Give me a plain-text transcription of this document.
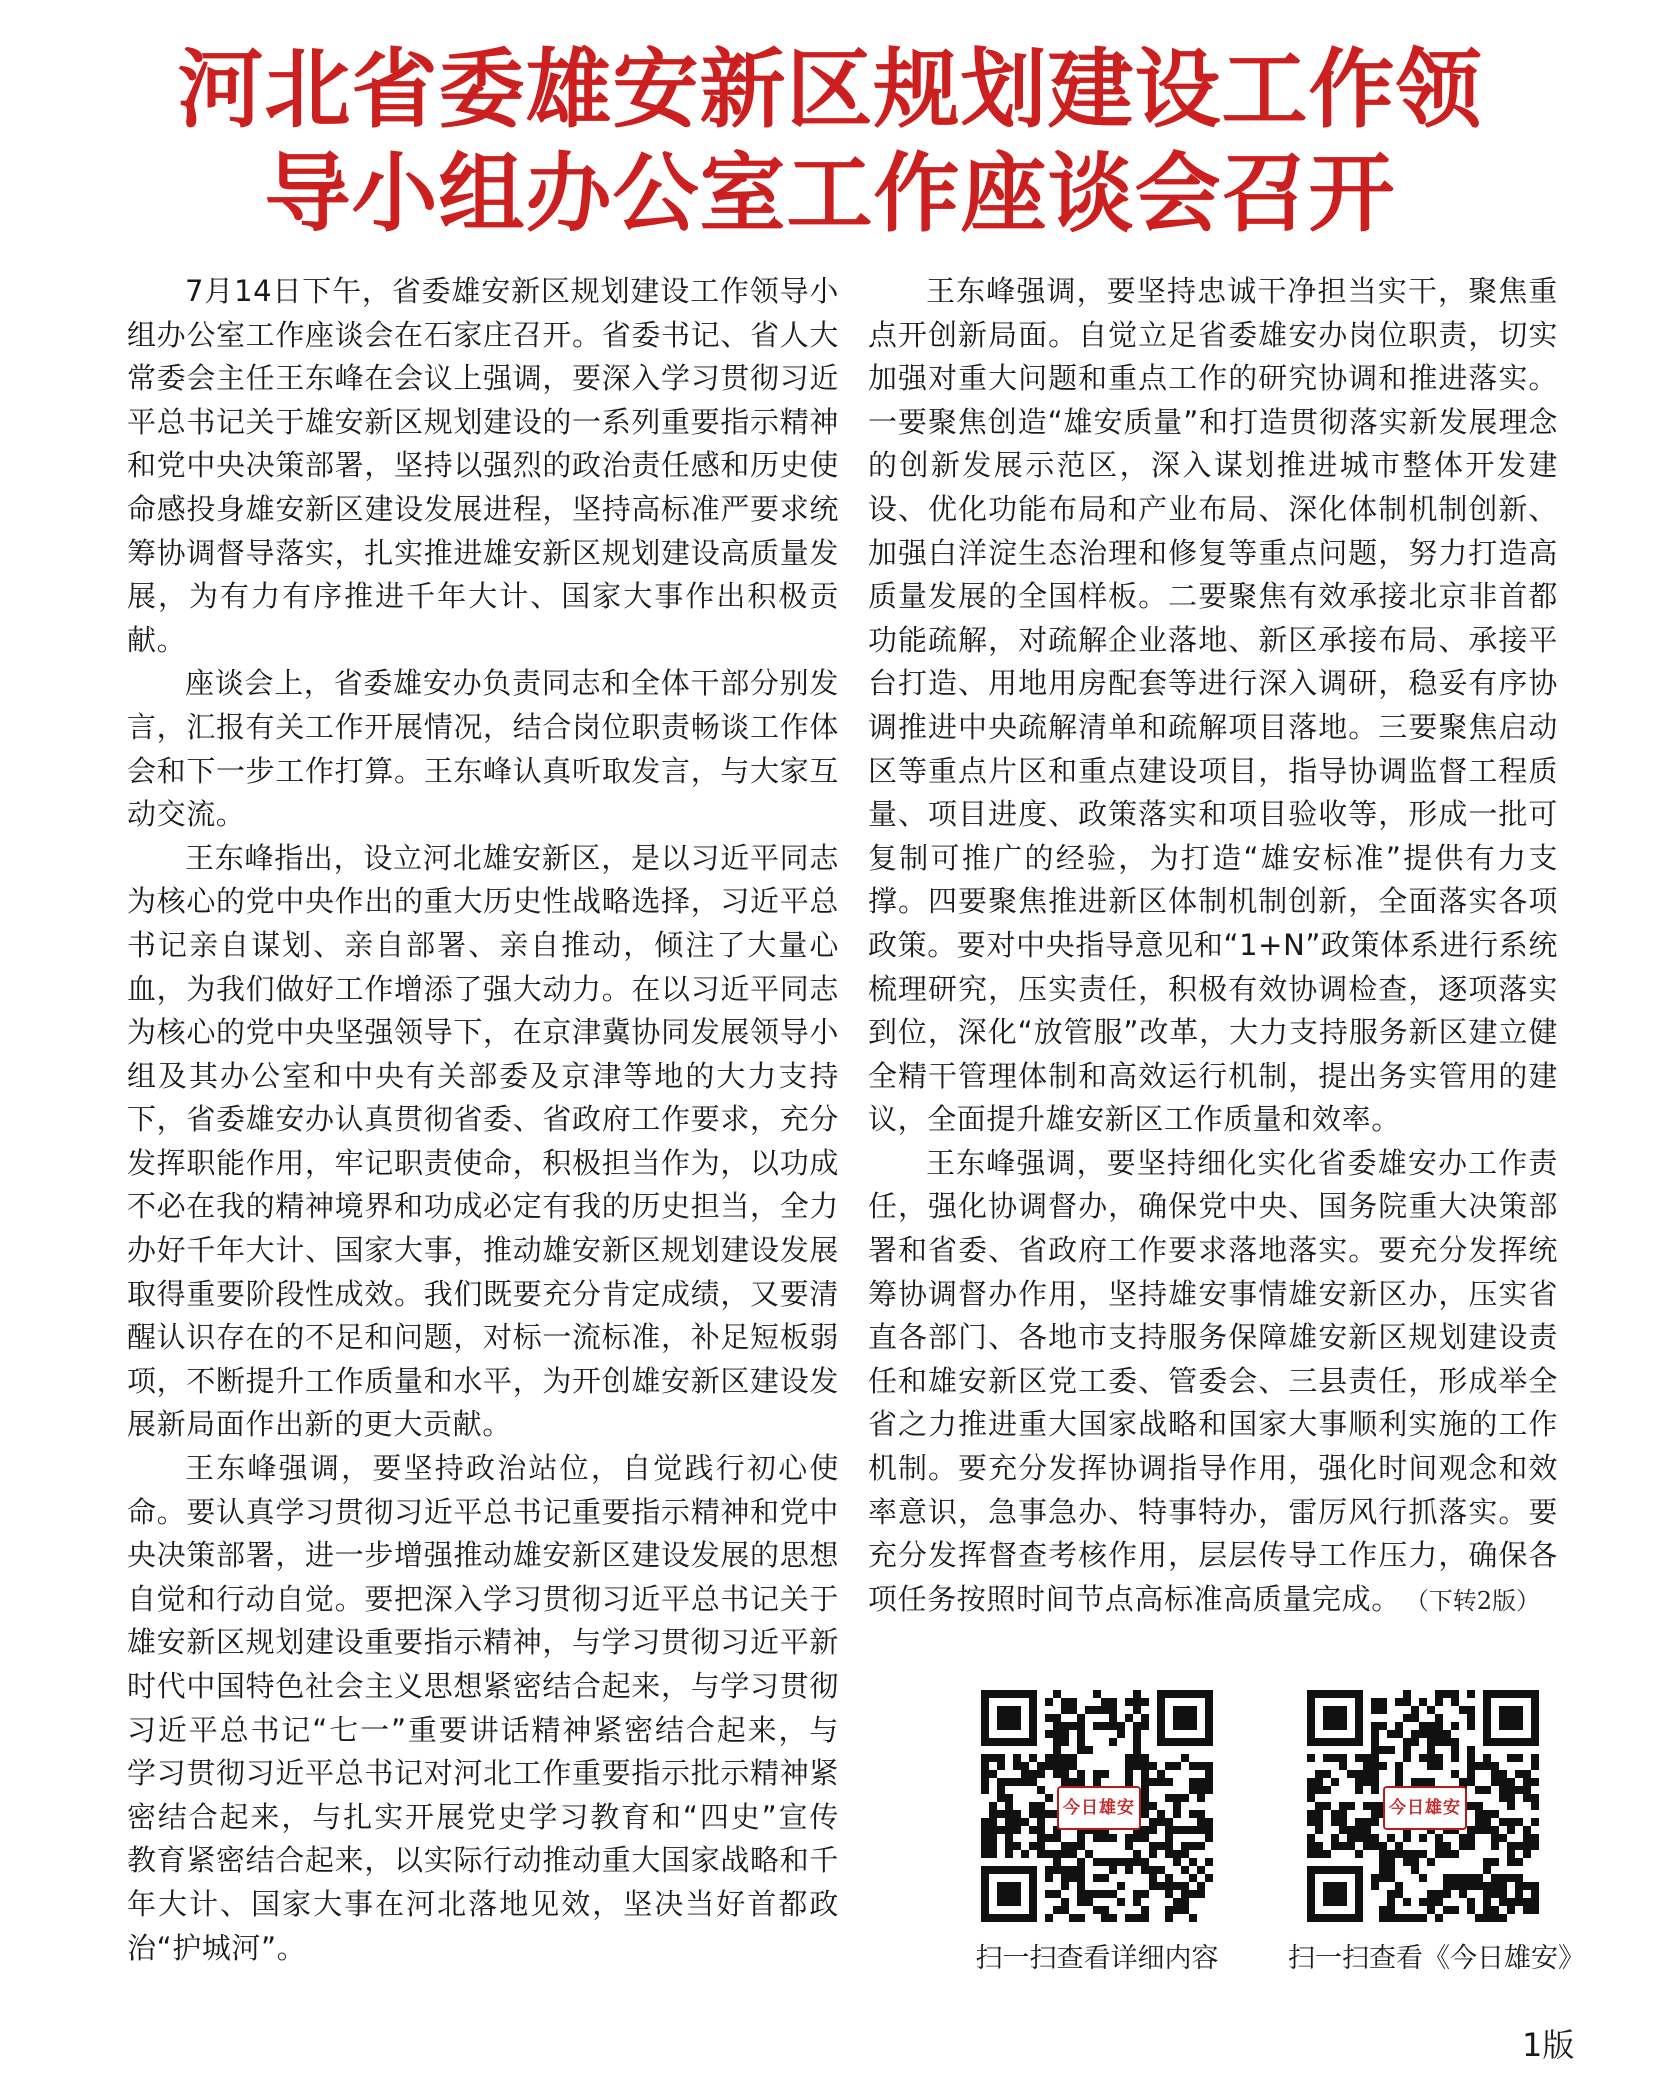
河北省委雄安新区规划建设工作领
导小组办公室工作座谈会召开

7月14日下午，省委雄安新区规划建设工作领导小组办公室工作座谈会在石家庄召开。省委书记、省人大常委会主任王东峰在会议上强调，要深入学习贯彻习近平总书记关于雄安新区规划建设的一系列重要指示精神和党中央决策部署，坚持以强烈的政治责任感和历史使命感投身雄安新区建设发展进程，坚持高标准严要求统筹协调督导落实，扎实推进雄安新区规划建设高质量发展，为有力有序推进千年大计、国家大事作出积极贡献。

座谈会上，省委雄安办负责同志和全体干部分别发言，汇报有关工作开展情况，结合岗位职责畅谈工作体会和下一步工作打算。王东峰认真听取发言，与大家互动交流。

王东峰指出，设立河北雄安新区，是以习近平同志为核心的党中央作出的重大历史性战略选择，习近平总书记亲自谋划、亲自部署、亲自推动，倾注了大量心血，为我们做好工作增添了强大动力。在以习近平同志为核心的党中央坚强领导下，在京津冀协同发展领导小组及其办公室和中央有关部委及京津等地的大力支持下，省委雄安办认真贯彻省委、省政府工作要求，充分发挥职能作用，牢记职责使命，积极担当作为，以功成不必在我的精神境界和功成必定有我的历史担当，全力办好千年大计、国家大事，推动雄安新区规划建设发展取得重要阶段性成效。我们既要充分肯定成绩，又要清醒认识存在的不足和问题，对标一流标准，补足短板弱项，不断提升工作质量和水平，为开创雄安新区建设发展新局面作出新的更大贡献。

王东峰强调，要坚持政治站位，自觉践行初心使命。要认真学习贯彻习近平总书记重要指示精神和党中央决策部署，进一步增强推动雄安新区建设发展的思想自觉和行动自觉。要把深入学习贯彻习近平总书记关于雄安新区规划建设重要指示精神，与学习贯彻习近平新时代中国特色社会主义思想紧密结合起来，与学习贯彻习近平总书记“七一”重要讲话精神紧密结合起来，与学习贯彻习近平总书记对河北工作重要指示批示精神紧密结合起来，与扎实开展党史学习教育和“四史”宣传教育紧密结合起来，以实际行动推动重大国家战略和千年大计、国家大事在河北落地见效，坚决当好首都政治“护城河”。

王东峰强调，要坚持忠诚干净担当实干，聚焦重点开创新局面。自觉立足省委雄安办岗位职责，切实加强对重大问题和重点工作的研究协调和推进落实。一要聚焦创造“雄安质量”和打造贯彻落实新发展理念的创新发展示范区，深入谋划推进城市整体开发建设、优化功能布局和产业布局、深化体制机制创新、加强白洋淀生态治理和修复等重点问题，努力打造高质量发展的全国样板。二要聚焦有效承接北京非首都功能疏解，对疏解企业落地、新区承接布局、承接平台打造、用地用房配套等进行深入调研，稳妥有序协调推进中央疏解清单和疏解项目落地。三要聚焦启动区等重点片区和重点建设项目，指导协调监督工程质量、项目进度、政策落实和项目验收等，形成一批可复制可推广的经验，为打造“雄安标准”提供有力支撑。四要聚焦推进新区体制机制创新，全面落实各项政策。要对中央指导意见和“1+N”政策体系进行系统梳理研究，压实责任，积极有效协调检查，逐项落实到位，深化“放管服”改革，大力支持服务新区建立健全精干管理体制和高效运行机制，提出务实管用的建议，全面提升雄安新区工作质量和效率。

王东峰强调，要坚持细化实化省委雄安办工作责任，强化协调督办，确保党中央、国务院重大决策部署和省委、省政府工作要求落地落实。要充分发挥统筹协调督办作用，坚持雄安事情雄安新区办，压实省直各部门、各地市支持服务保障雄安新区规划建设责任和雄安新区党工委、管委会、三县责任，形成举全省之力推进重大国家战略和国家大事顺利实施的工作机制。要充分发挥协调指导作用，强化时间观念和效率意识，急事急办、特事特办，雷厉风行抓落实。要充分发挥督查考核作用，层层传导工作压力，确保各项任务按照时间节点高标准高质量完成。 （下转2版）

今日雄安
扫一扫查看详细内容
今日雄安
扫一扫查看《今日雄安》
1版
